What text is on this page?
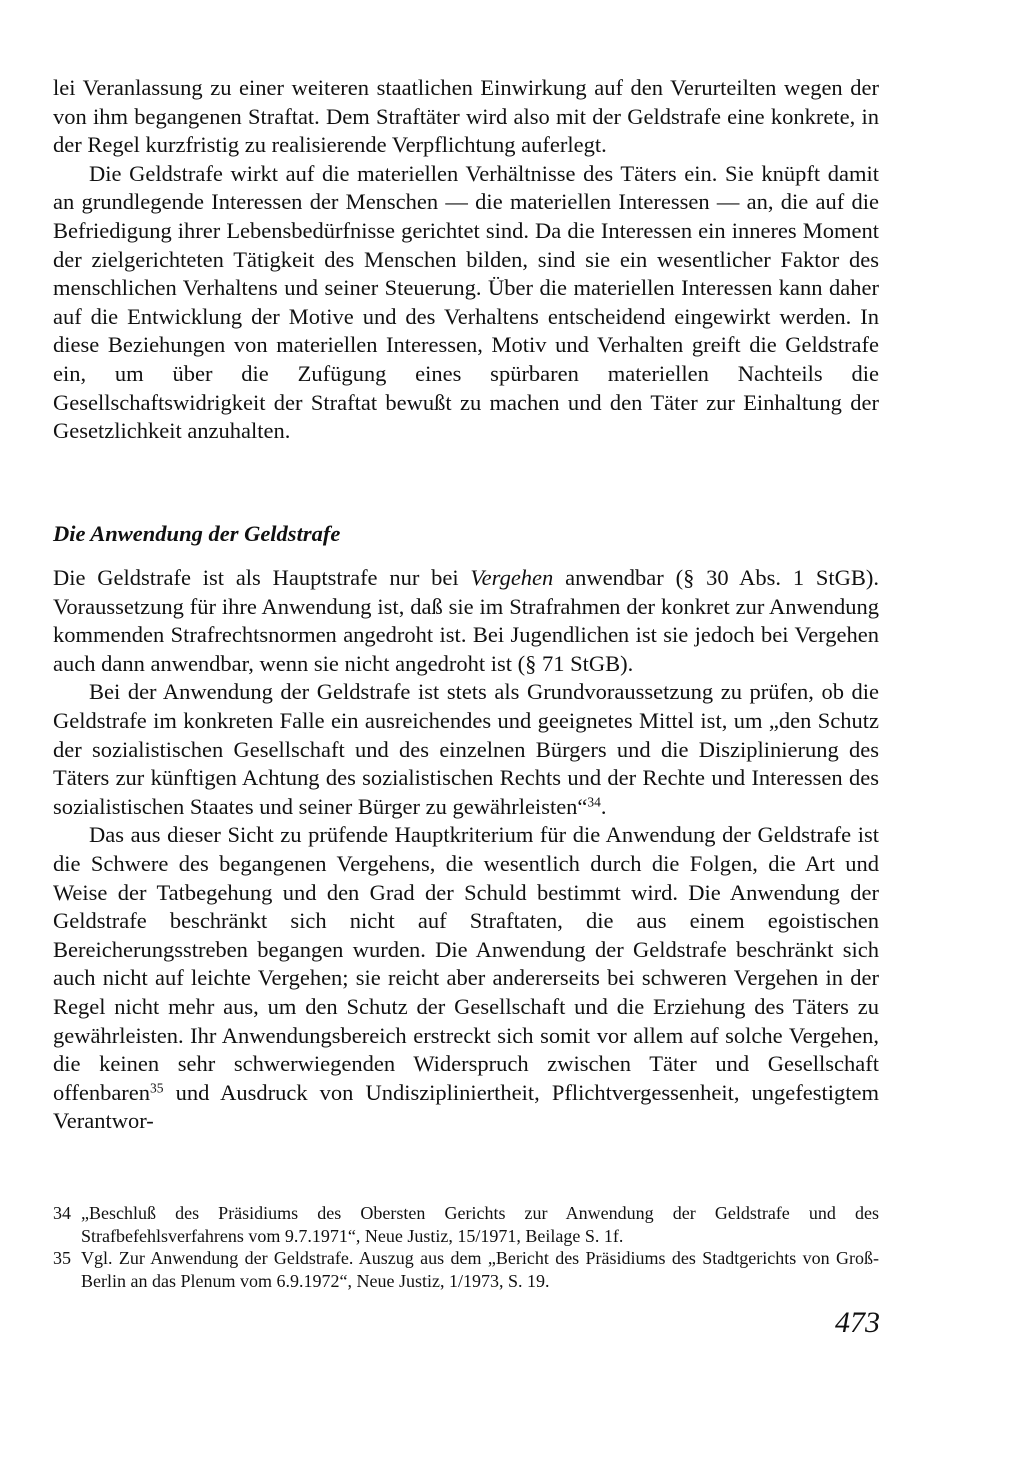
lei Veranlassung zu einer weiteren staatlichen Einwirkung auf den Verurteilten wegen der von ihm begangenen Straftat. Dem Straftäter wird also mit der Geldstrafe eine konkrete, in der Regel kurzfristig zu realisierende Verpflichtung auferlegt.

Die Geldstrafe wirkt auf die materiellen Verhältnisse des Täters ein. Sie knüpft damit an grundlegende Interessen der Menschen — die materiellen Interessen — an, die auf die Befriedigung ihrer Lebensbedürfnisse gerichtet sind. Da die Interessen ein inneres Moment der zielgerichteten Tätigkeit des Menschen bilden, sind sie ein wesentlicher Faktor des menschlichen Verhaltens und seiner Steuerung. Über die materiellen Interessen kann daher auf die Entwicklung der Motive und des Verhaltens entscheidend eingewirkt werden. In diese Beziehungen von materiellen Interessen, Motiv und Verhalten greift die Geldstrafe ein, um über die Zufügung eines spürbaren materiellen Nachteils die Gesellschaftswidrigkeit der Straftat bewußt zu machen und den Täter zur Einhaltung der Gesetzlichkeit anzuhalten.

Die Anwendung der Geldstrafe

Die Geldstrafe ist als Hauptstrafe nur bei Vergehen anwendbar (§ 30 Abs. 1 StGB). Voraussetzung für ihre Anwendung ist, daß sie im Strafrahmen der konkret zur Anwendung kommenden Strafrechtsnormen angedroht ist. Bei Jugendlichen ist sie jedoch bei Vergehen auch dann anwendbar, wenn sie nicht angedroht ist (§ 71 StGB).

Bei der Anwendung der Geldstrafe ist stets als Grundvoraussetzung zu prüfen, ob die Geldstrafe im konkreten Falle ein ausreichendes und geeignetes Mittel ist, um „den Schutz der sozialistischen Gesellschaft und des einzelnen Bürgers und die Disziplinierung des Täters zur künftigen Achtung des sozialistischen Rechts und der Rechte und Interessen des sozialistischen Staates und seiner Bürger zu gewährleisten“$^{34}$.

Das aus dieser Sicht zu prüfende Hauptkriterium für die Anwendung der Geldstrafe ist die Schwere des begangenen Vergehens, die wesentlich durch die Folgen, die Art und Weise der Tatbegehung und den Grad der Schuld bestimmt wird. Die Anwendung der Geldstrafe beschränkt sich nicht auf Straftaten, die aus einem egoistischen Bereicherungsstreben begangen wurden. Die Anwendung der Geldstrafe beschränkt sich auch nicht auf leichte Vergehen; sie reicht aber andererseits bei schweren Vergehen in der Regel nicht mehr aus, um den Schutz der Gesellschaft und die Erziehung des Täters zu gewährleisten. Ihr Anwendungsbereich erstreckt sich somit vor allem auf solche Vergehen, die keinen sehr schwerwiegenden Widerspruch zwischen Täter und Gesellschaft offenbaren$^{35}$ und Ausdruck von Undiszipliniertheit, Pflichtvergessenheit, ungefestigtem Verantwor-

34 „Beschluß des Präsidiums des Obersten Gerichts zur Anwendung der Geldstrafe und des Strafbefehlsverfahrens vom 9.7.1971“, Neue Justiz, 15/1971, Beilage S. 1f.
35 Vgl. Zur Anwendung der Geldstrafe. Auszug aus dem „Bericht des Präsidiums des Stadtgerichts von Groß-Berlin an das Plenum vom 6.9.1972“, Neue Justiz, 1/1973, S. 19.
473
